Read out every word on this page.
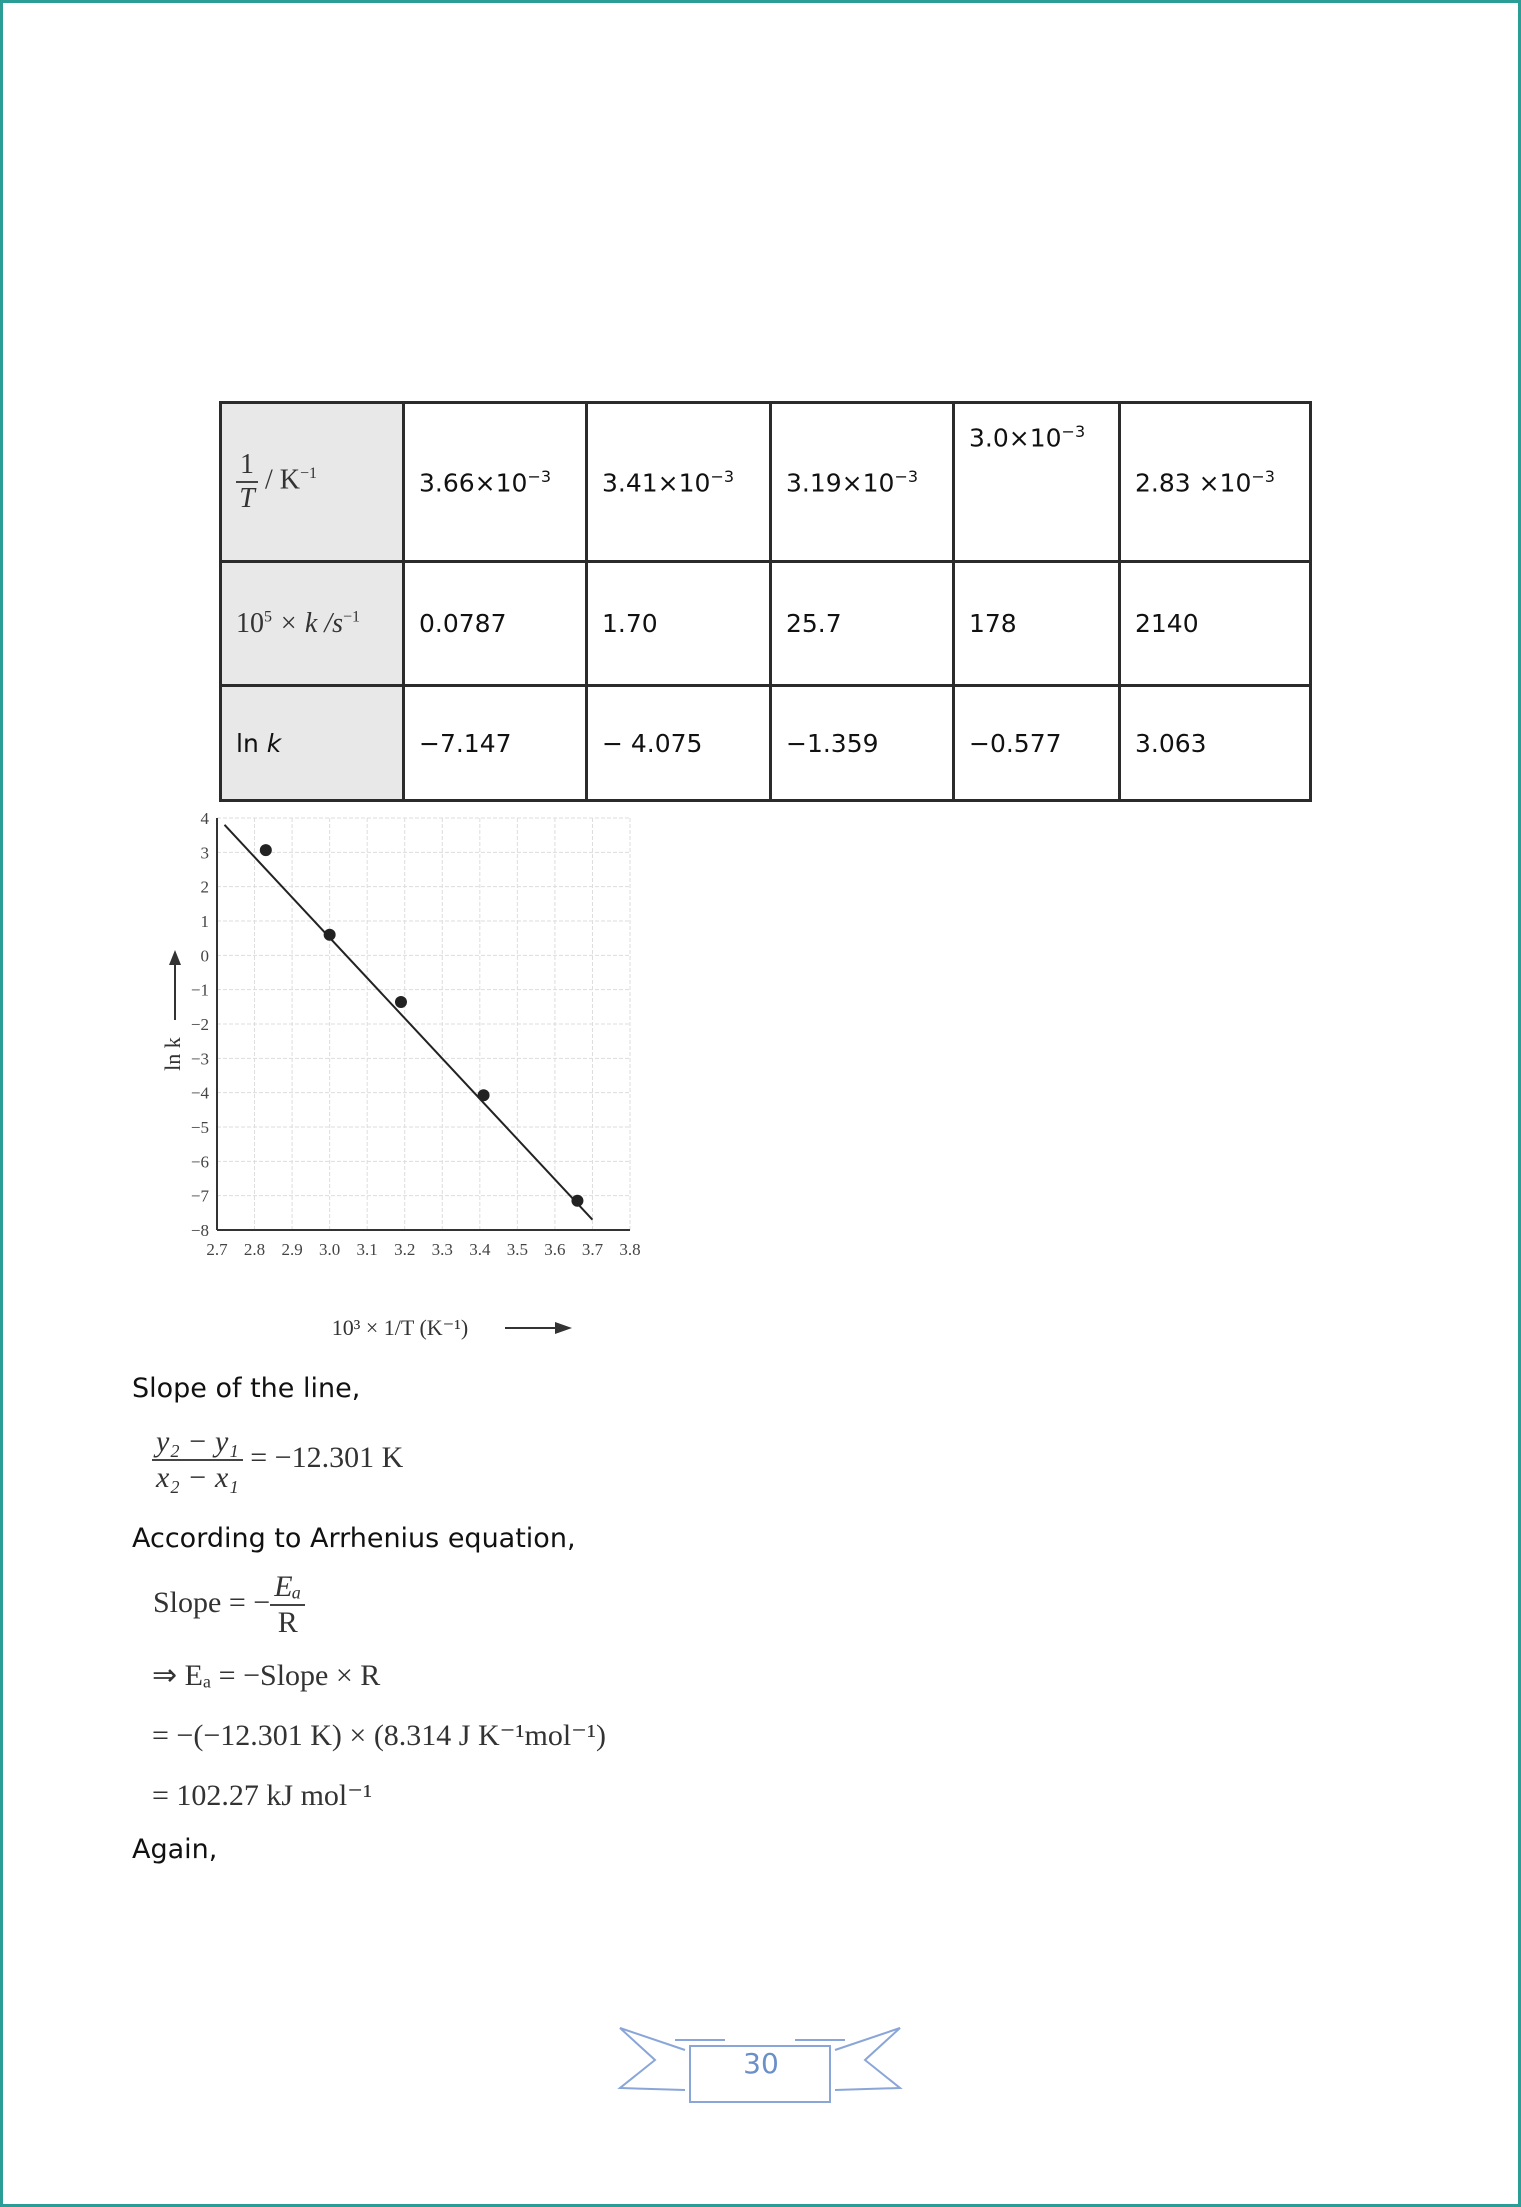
$\frac{1}{T} / K^{-1}$	$3.66\times 10^{-3}$	$3.41\times 10^{-3}$	$3.19\times 10^{-3}$	$3.0\times 10^{-3}$	$2.83 \times 10^{-3}$
$10^5 \times k$ $/s^{-1}$	0.0787	1.70	25.7	178	2140
ln k	−7.147	− 4.075	−1.359	−0.577	3.063
2.7 2.8 2.9 3.0 3.1 3.2 3.3 3.4 3.5 3.6 3.7 3.8
4
3
2
1
0
−1
−2
−3
−4
−5
−6
−7
−8
ln k
10³ × 1/T (K⁻¹)
Slope of the line,
$\frac{\text{y₂ − y₁}}{\text{x₂ − x₁}} = -12.301$ K
According to Arrhenius equation,
Slope = − $\frac{\text{Eₐ}}{R}$
⇒ Eₐ = −Slope × R
= −(−12.301 K) × (8.314 J K⁻¹mol⁻¹)
= 102.27 kJ mol⁻¹
Again,
30
